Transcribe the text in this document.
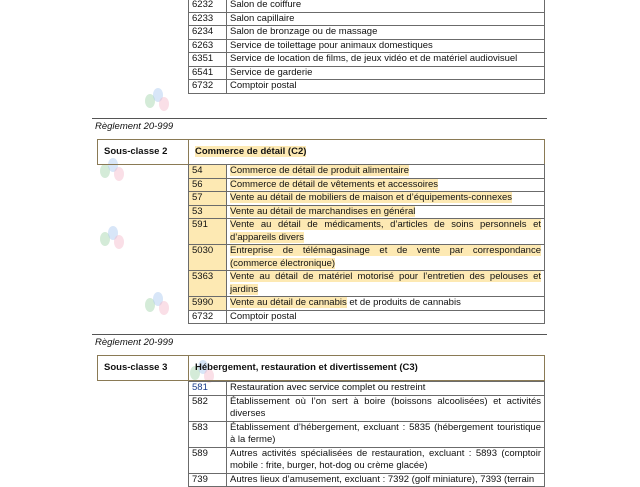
6232	Salon de coiffure
6233	Salon capillaire
6234	Salon de bronzage ou de massage
6263	Service de toilettage pour animaux domestiques
6351	Service de location de films, de jeux vidéo et de matériel audiovisuel
6541	Service de garderie
6732	Comptoir postal
Règlement 20-999
Sous-classe 2	Commerce de détail (C2)
54	Commerce de détail de produit alimentaire
56	Commerce de détail de vêtements et accessoires
57	Vente au détail de mobiliers de maison et d’équipements-connexes
53	Vente au détail de marchandises en général
591	Vente au détail de médicaments, d’articles de soins personnels et d’appareils divers
5030	Entreprise de télémagasinage et de vente par correspondance (commerce électronique)
5363	Vente au détail de matériel motorisé pour l’entretien des pelouses et jardins
5990	Vente au détail de cannabis et de produits de cannabis
6732	Comptoir postal
Règlement 20-999
Sous-classe 3	Hébergement, restauration et divertissement (C3)
581	Restauration avec service complet ou restreint
582	Établissement où l’on sert à boire (boissons alcoolisées) et activités diverses
583	Établissement d’hébergement, excluant : 5835 (hébergement touristique à la ferme)
589	Autres activités spécialisées de restauration, excluant : 5893 (comptoir mobile : frite, burger, hot-dog ou crème glacée)
739	Autres lieux d’amusement, excluant : 7392 (golf miniature), 7393 (terrain
